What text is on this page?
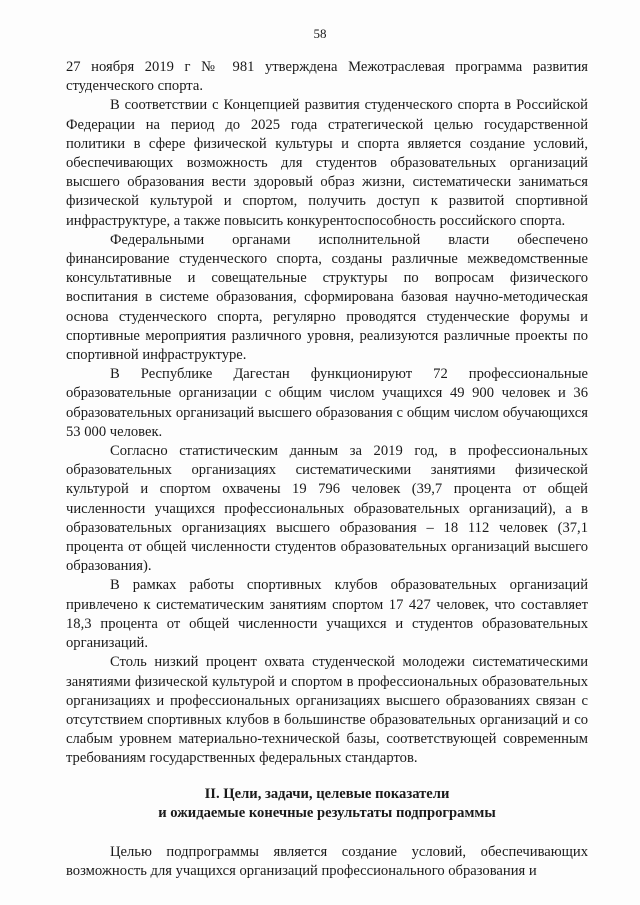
58

27 ноября 2019 г № 981 утверждена Межотраслевая программа развития студенческого спорта.

В соответствии с Концепцией развития студенческого спорта в Российской Федерации на период до 2025 года стратегической целью государственной политики в сфере физической культуры и спорта является создание условий, обеспечивающих возможность для студентов образовательных организаций высшего образования вести здоровый образ жизни, систематически заниматься физической культурой и спортом, получить доступ к развитой спортивной инфраструктуре, а также повысить конкурентоспособность российского спорта.

Федеральными органами исполнительной власти обеспечено финансирование студенческого спорта, созданы различные межведомственные консультативные и совещательные структуры по вопросам физического воспитания в системе образования, сформирована базовая научно-методическая основа студенческого спорта, регулярно проводятся студенческие форумы и спортивные мероприятия различного уровня, реализуются различные проекты по спортивной инфраструктуре.

В Республике Дагестан функционируют 72 профессиональные образовательные организации с общим числом учащихся 49 900 человек и 36 образовательных организаций высшего образования с общим числом обучающихся 53 000 человек.

Согласно статистическим данным за 2019 год, в профессиональных образовательных организациях систематическими занятиями физической культурой и спортом охвачены 19 796 человек (39,7 процента от общей численности учащихся профессиональных образовательных организаций), а в образовательных организациях высшего образования – 18 112 человек (37,1 процента от общей численности студентов образовательных организаций высшего образования).

В рамках работы спортивных клубов образовательных организаций привлечено к систематическим занятиям спортом 17 427 человек, что составляет 18,3 процента от общей численности учащихся и студентов образовательных организаций.

Столь низкий процент охвата студенческой молодежи систематическими занятиями физической культурой и спортом в профессиональных образовательных организациях и профессиональных организациях высшего образованиях связан с отсутствием спортивных клубов в большинстве образовательных организаций и со слабым уровнем материально-технической базы, соответствующей современным требованиям государственных федеральных стандартов.

II. Цели, задачи, целевые показатели
и ожидаемые конечные результаты подпрограммы

Целью подпрограммы является создание условий, обеспечивающих возможность для учащихся организаций профессионального образования и
